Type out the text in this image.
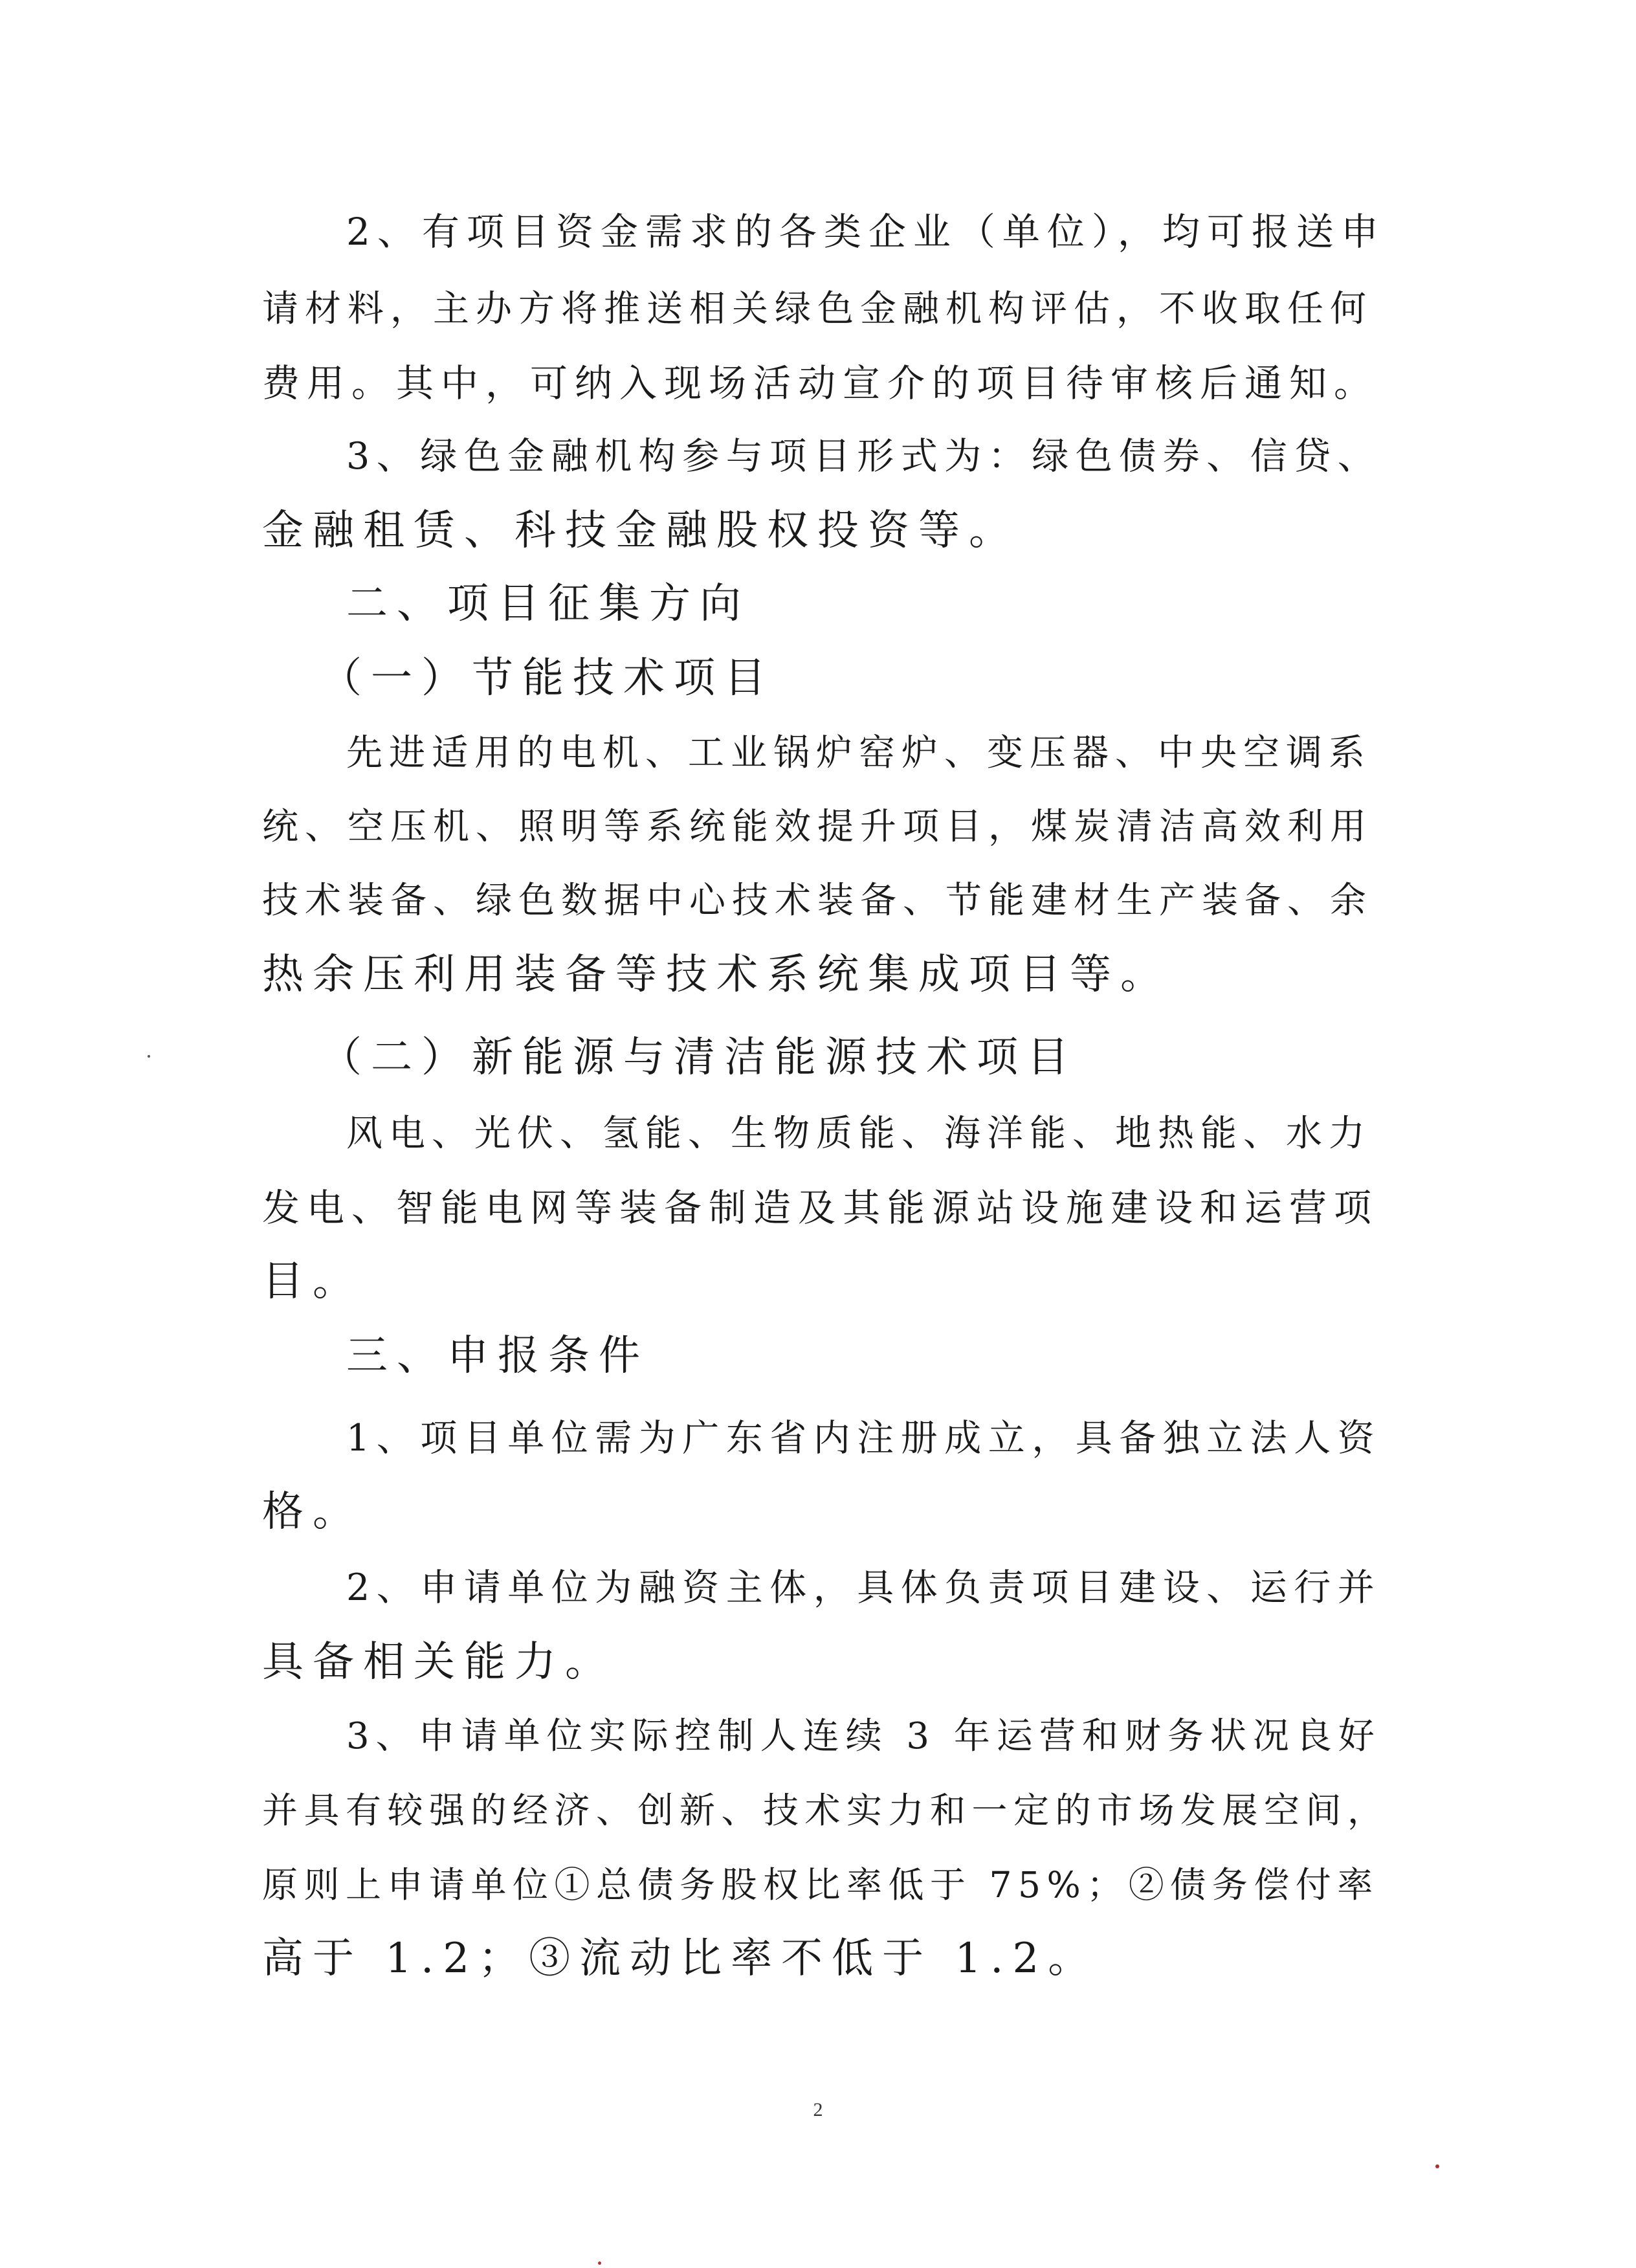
2、有项目资金需求的各类企业（单位），均可报送申
请材料，主办方将推送相关绿色金融机构评估，不收取任何
费用。其中，可纳入现场活动宣介的项目待审核后通知。
3、绿色金融机构参与项目形式为：绿色债券、信贷、
金融租赁、科技金融股权投资等。
二、项目征集方向
（一）节能技术项目
先进适用的电机、工业锅炉窑炉、变压器、中央空调系
统、空压机、照明等系统能效提升项目，煤炭清洁高效利用
技术装备、绿色数据中心技术装备、节能建材生产装备、余
热余压利用装备等技术系统集成项目等。
（二）新能源与清洁能源技术项目
风电、光伏、氢能、生物质能、海洋能、地热能、水力
发电、智能电网等装备制造及其能源站设施建设和运营项
目。
三、申报条件
1、项目单位需为广东省内注册成立，具备独立法人资
格。
2、申请单位为融资主体，具体负责项目建设、运行并
具备相关能力。
3、申请单位实际控制人连续 3 年运营和财务状况良好
并具有较强的经济、创新、技术实力和一定的市场发展空间，
原则上申请单位①总债务股权比率低于 75%；②债务偿付率
高于 1.2；③流动比率不低于 1.2。
2
